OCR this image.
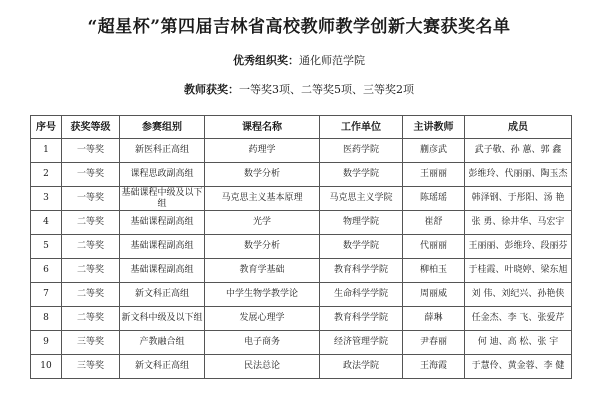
“超星杯”第四届吉林省高校教师教学创新大赛获奖名单
优秀组织奖：通化师范学院
教师获奖：一等奖3项、二等奖5项、三等奖2项
序号	获奖等级	参赛组别	课程名称	工作单位	主讲教师	成员
1	一等奖	新医科正高组	药理学	医药学院	蒯彦武	武子敬、孙 蕙、郭 鑫
2	一等奖	课程思政副高组	数学分析	数学学院	王丽丽	彭维玲、代丽丽、陶玉杰
3	一等奖	基础课程中级及以下组	马克思主义基本原理	马克思主义学院	陈瑶瑶	韩泽钢、于彤阳、汤 艳
4	二等奖	基础课程副高组	光学	物理学院	崔舒	张 勇、徐井华、马宏宇
5	二等奖	基础课程副高组	数学分析	数学学院	代丽丽	王丽丽、彭维玲、段丽芬
6	二等奖	基础课程副高组	教育学基础	教育科学学院	柳柏玉	于桂霞、叶晓婷、梁东旭
7	二等奖	新文科正高组	中学生物学教学论	生命科学学院	周丽威	刘 伟、刘纪兴、孙艳侠
8	二等奖	新文科中级及以下组	发展心理学	教育科学学院	薛琳	任金杰、李 飞、张爱芹
9	三等奖	产教融合组	电子商务	经济管理学院	尹春丽	何 迪、高 松、张 宇
10	三等奖	新文科正高组	民法总论	政法学院	王海霞	于慧伶、黄金蓉、李 健
